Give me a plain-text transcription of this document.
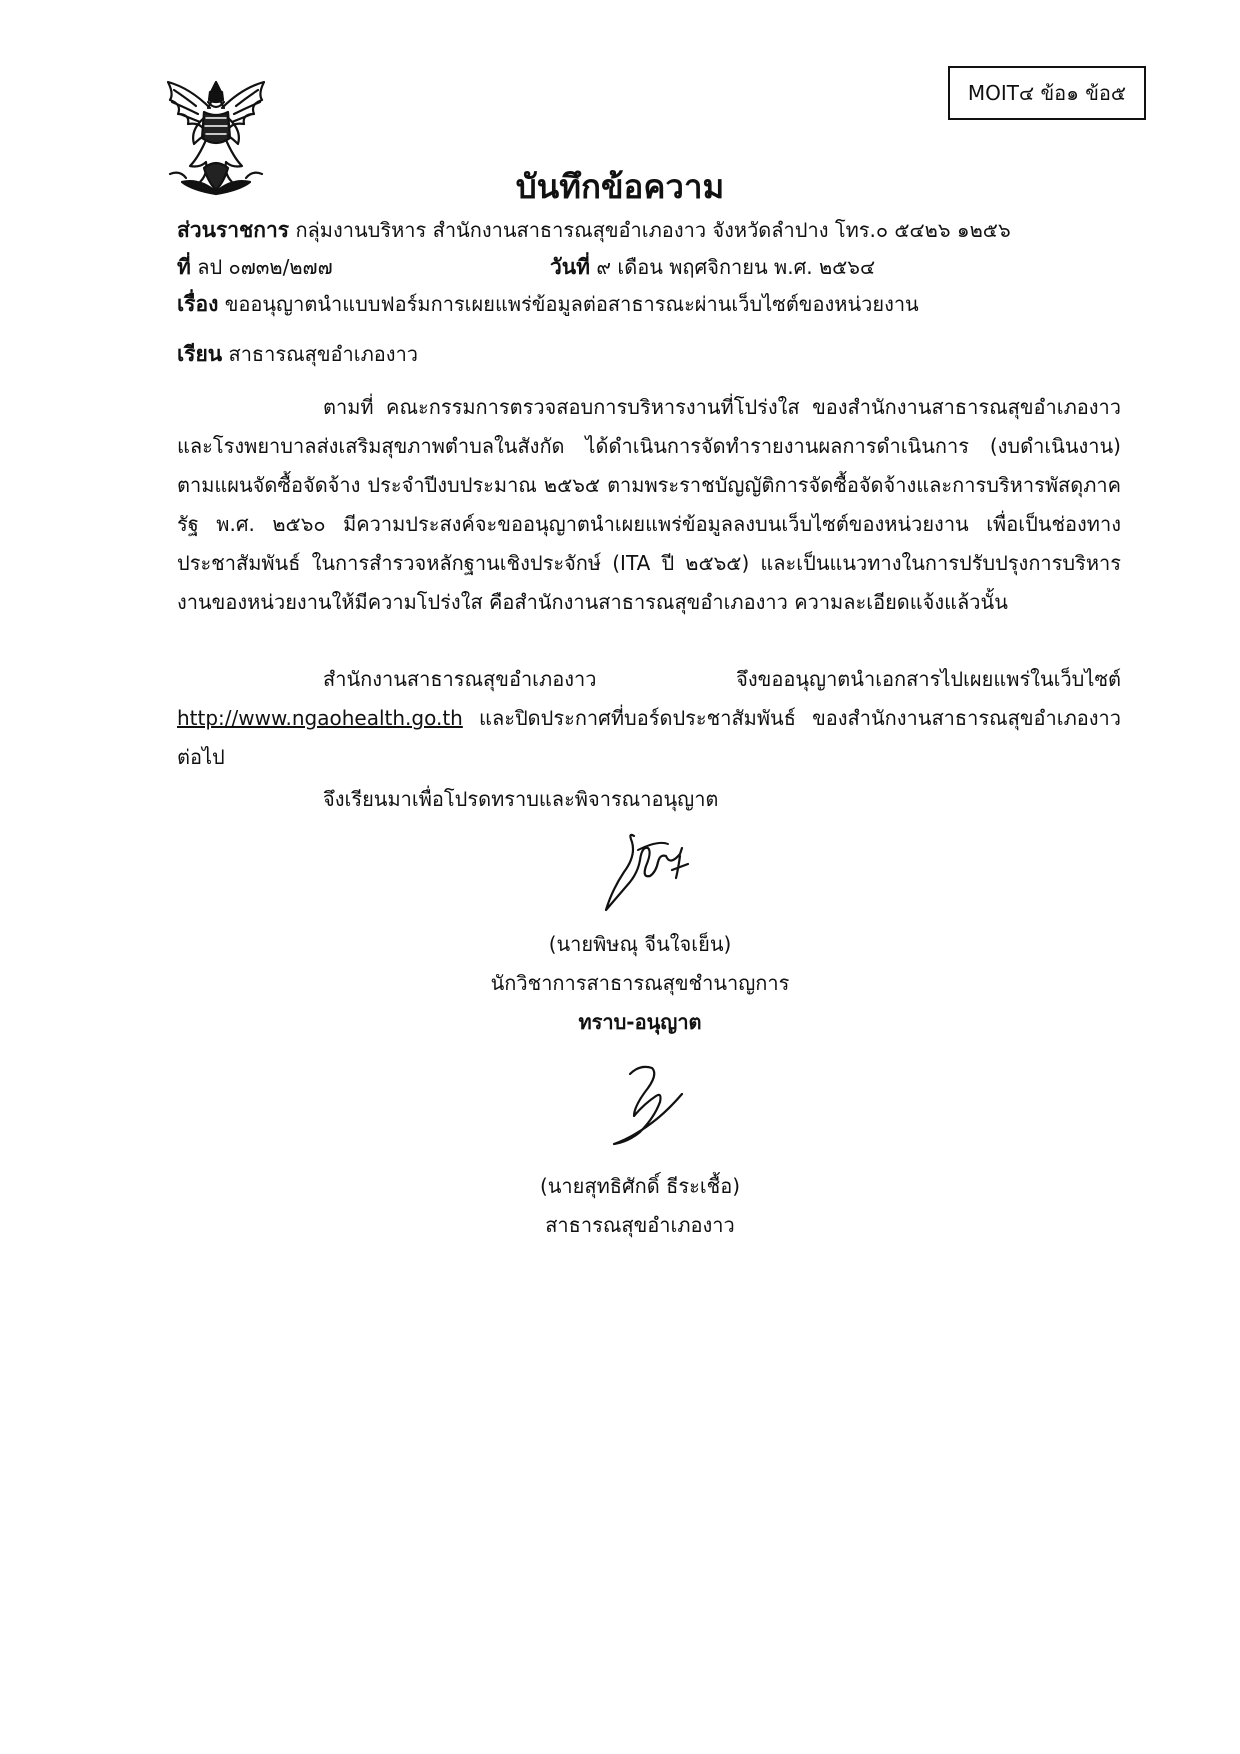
MOIT๔ ข้อ๑ ข้อ๕
บันทึกข้อความ
ส่วนราชการ กลุ่มงานบริหาร สำนักงานสาธารณสุขอำเภองาว จังหวัดลำปาง โทร.๐ ๕๔๒๖ ๑๒๕๖
ที่ ลป ๐๗๓๒/๒๗๗	วันที่ ๙ เดือน พฤศจิกายน พ.ศ. ๒๕๖๔
เรื่อง ขออนุญาตนำแบบฟอร์มการเผยแพร่ข้อมูลต่อสาธารณะผ่านเว็บไซต์ของหน่วยงาน
เรียน สาธารณสุขอำเภองาว
ตามที่ คณะกรรมการตรวจสอบการบริหารงานที่โปร่งใส ของสำนักงานสาธารณสุขอำเภองาวและโรงพยาบาลส่งเสริมสุขภาพตำบลในสังกัด ได้ดำเนินการจัดทำรายงานผลการดำเนินการ (งบดำเนินงาน) ตามแผนจัดซื้อจัดจ้าง ประจำปีงบประมาณ ๒๕๖๕ ตามพระราชบัญญัติการจัดซื้อจัดจ้างและการบริหารพัสดุภาครัฐ พ.ศ. ๒๕๖๐ มีความประสงค์จะขออนุญาตนำเผยแพร่ข้อมูลลงบนเว็บไซต์ของหน่วยงาน เพื่อเป็นช่องทางประชาสัมพันธ์ ในการสำรวจหลักฐานเชิงประจักษ์ (ITA ปี ๒๕๖๕) และเป็นแนวทางในการปรับปรุงการบริหารงานของหน่วยงานให้มีความโปร่งใส คือสำนักงานสาธารณสุขอำเภองาว ความละเอียดแจ้งแล้วนั้น
สำนักงานสาธารณสุขอำเภองาว จึงขออนุญาตนำเอกสารไปเผยแพร่ในเว็บไซต์ http://www.ngaohealth.go.th และปิดประกาศที่บอร์ดประชาสัมพันธ์ ของสำนักงานสาธารณสุขอำเภองาว ต่อไป
จึงเรียนมาเพื่อโปรดทราบและพิจารณาอนุญาต
(นายพิษณุ จีนใจเย็น)
นักวิชาการสาธารณสุขชำนาญการ
ทราบ-อนุญาต
(นายสุทธิศักดิ์ ธีระเชื้อ)
สาธารณสุขอำเภองาว
